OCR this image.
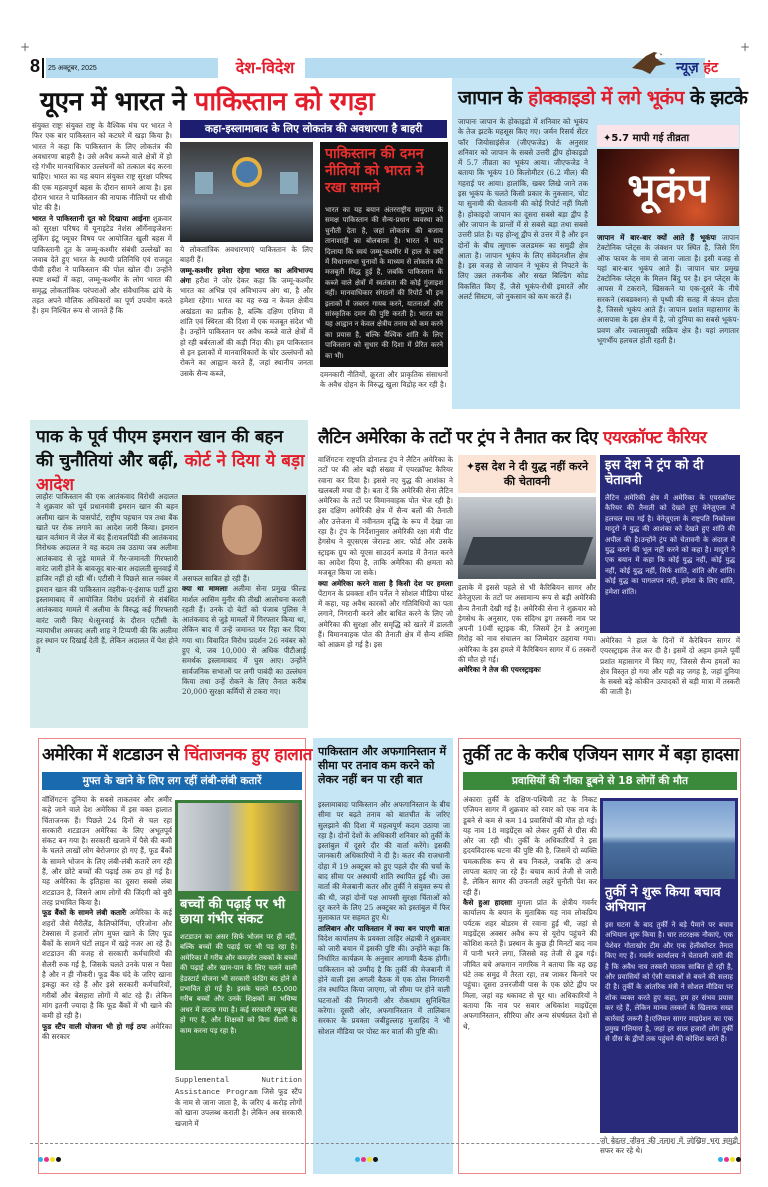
+	+
8 25 अक्टूबर, 2025	देश-विदेश	न्यूज़ हंट
यूएन में भारत ने पाकिस्तान को रगड़ा
कहा-इस्लामाबाद के लिए लोकतंत्र की अवधारणा है बाहरी
संयुक्त राष्ट्रः संयुक्त राष्ट्र के वैश्विक मंच पर भारत ने फिर एक बार पाकिस्तान को कटघरे में खड़ा किया है। भारत ने कहा कि पाकिस्तान के लिए लोकतंत्र की अवधारणा बाहरी है। उसे अवैध कब्जे वाले क्षेत्रों में हो रहे गंभीर मानवाधिकार उल्लंघनों को तत्काल बंद करना चाहिए। भारत का यह बयान संयुक्त राष्ट्र सुरक्षा परिषद की एक महत्वपूर्ण बहस के दौरान सामने आया है। इस दौरान भारत ने पाकिस्तान की नापाक नीतियों पर सीधी चोट की है।
भारत ने पाकिस्तानी दूत को दिखाया आईनाः शुक्रवार को सुरक्षा परिषद में यूनाइटेड नेशंस ऑर्गेनाइजेशनः लुकिंग इंटू फ्यूचर विषय पर आयोजित खुली बहस में पाकिस्तानी दूत के जम्मू-कश्मीर संबंधी उल्लेखों का जवाब देते हुए भारत के स्थायी प्रतिनिधि एवं राजदूत पीवी हरीश ने पाकिस्तान की पोल खोल दी। उन्होंने स्पष्ट शब्दों में कहा, जम्मू-कश्मीर के लोग भारत की समृद्ध लोकतांत्रिक परंपराओं और संवैधानिक ढांचे के तहत अपने मौलिक अधिकारों का पूर्ण उपयोग करते हैं। हम निश्चित रूप से जानते हैं कि
ये लोकतांत्रिक अवधारणाएं पाकिस्तान के लिए बाहरी हैं।
जम्मू-कश्मीर हमेशा रहेगा भारत का अविभाज्य अंगः हरीश ने जोर देकर कहा कि जम्मू-कश्मीर भारत का अभिन्न एवं अविभाज्य अंग था, है और हमेशा रहेगा। भारत का यह रुख न केवल क्षेत्रीय अखंडता का प्रतीक है, बल्कि दक्षिण एशिया में शांति एवं स्थिरता की दिशा में एक मजबूत संदेश भी है। उन्होंने पाकिस्तान पर अवैध कब्जे वाले क्षेत्रों में हो रही बर्बरताओं की कड़ी निंदा की। हम पाकिस्तान से इन इलाकों में मानवाधिकारों के घोर उल्लंघनों को रोकने का आह्वान करते हैं, जहां स्थानीय जनता उसके सैन्य कब्जे,
पाकिस्तान की दमन नीतियों को भारत ने रखा सामने
भारत का यह बयान अंतरराष्ट्रीय समुदाय के समक्ष पाकिस्तान की सैन्य-प्रधान व्यवस्था को चुनौती देता है, जहां लोकतंत्र की बजाय तानाशाही का बोलबाला है। भारत ने याद दिलाया कि स्वयं जम्मू-कश्मीर में हाल के वर्षों में विधानसभा चुनावों के माध्यम से लोकतंत्र की मजबूती सिद्ध हुई है, जबकि पाकिस्तान के कब्जे वाले क्षेत्रों में स्वतंत्रता की कोई गुंजाइश नहीं। मानवाधिकार संगठनों की रिपोर्ट भी इन इलाकों में जबरन गायब करने, यातनाओं और सांस्कृतिक दमन की पुष्टि करती है। भारत का यह आह्वान न केवल क्षेत्रीय तनाव को कम करने का प्रयास है, बल्कि वैश्विक शांति के लिए पाकिस्तान को सुधार की दिशा में प्रेरित करने का भी।
दमनकारी नीतियों, क्रूरता और प्राकृतिक संसाधनों के अवैध दोहन के विरुद्ध खुला विद्रोह कर रही है।
जापान के होक्काइडो में लगे भूकंप के झटके
जापानः जापान के होकाइडो में शनिवार को भूकंप के तेज झटके महसूस किए गए। जर्मन रिसर्च सेंटर फॉर जियोसाइंसेज (जीएफजेड) के अनुसार शनिवार को जापान के सबसे उत्तरी द्वीप होकाइडो में 5.7 तीव्रता का भूकंप आया। जीएफजेड ने बताया कि भूकंप 10 किलोमीटर (6.2 मील) की गहराई पर आया। हालांकि, खबर लिखे जाने तक इस भूकंप के चलते किसी प्रकार के नुकसान, चोट या सुनामी की चेतावनी की कोई रिपोर्ट नहीं मिली है। होकाइदो जापान का दूसरा सबसे बड़ा द्वीप है और जापान के प्रान्तों में से सबसे बड़ा तथा सबसे उत्तरी प्रांत है। यह होन्शू द्वीप से उत्तर में है और इन दोनों के बीच त्सुगारू जलडमरू का समुद्री क्षेत्र आता है। जापान भूकंप के लिए संवेदनशील क्षेत्र है। इस वजह से जापान ने भूकंप से निपटने के लिए उन्नत तकनीक और सख्त बिल्डिंग कोड विकसित किए हैं, जैसे भूकंप-रोधी इमारतें और अलर्ट सिस्टम, जो नुकसान को कम करते हैं।
✦5.7 मापी गई तीव्रता
भूकंप
जापान में बार-बार क्यों आते हैं भूकंपः जापान टेक्टोनिक प्लेट्स के जंक्शन पर स्थित है, जिसे रिंग ऑफ फायर के नाम से जाना जाता है। इसी वजह से यहां बार-बार भूकंप आते हैं। जापान चार प्रमुख टेक्टोनिक प्लेट्स के मिलन बिंदु पर है। इन प्लेट्स के आपस में टकराने, खिसकने या एक-दूसरे के नीचे सरकने (सबडक्शन) से पृथ्वी की सतह में कंपन होता है, जिससे भूकंप आते हैं। जापान प्रशांत महासागर के आसपास के इस क्षेत्र में है, जो दुनिया का सबसे भूकंप-प्रवण और ज्वालामुखी सक्रिय क्षेत्र है। यहां लगातार भूगर्भीय हलचल होती रहती है।
पाक के पूर्व पीएम इमरान खान की बहन की चुनौतियां और बढ़ीं, कोर्ट ने दिया ये बड़ा आदेश
लाहौरः पाकिस्तान की एक आतंकवाद विरोधी अदालत ने शुक्रवार को पूर्व प्रधानमंत्री इमरान खान की बहन अलीमा खान के पासपोर्ट, राष्ट्रीय पहचान पत्र तथा बैंक खाते पर रोक लगाने का आदेश जारी किया। इमरान खान वर्तमान में जेल में बंद हैं।रावलपिंडी की आतंकवाद निरोधक अदालत ने यह कदम तब उठाया जब अलीमा आतंकवाद से जुड़े मामले में गैर-जमानती गिरफ्तारी वारंट जारी होने के बावजूद बार-बार अदालती सुनवाई में हाजिर नहीं हो रही थीं। एटीसी ने पिछले साल नवंबर में इमरान खान की पाकिस्तान तहरीक-ए-इंसाफ पार्टी द्वारा इस्लामाबाद में आयोजित विरोध प्रदर्शनों से संबंधित आतंकवाद मामले में अलीमा के विरुद्ध कई गिरफ्तारी वारंट जारी किए थे।सुनवाई के दौरान एटीसी के न्यायाधीश अमजद अली शाह ने टिप्पणी की कि अलीमा हर स्थान पर दिखाई देती हैं, लेकिन अदालत में पेश होने में
असफल साबित हो रही हैं।
क्या था मामलाः अलीमा सेना प्रमुख फील्ड मार्शल आसिम मुनीर की तीखी आलोचना करती रहती हैं। उनके दो बेटों को पंजाब पुलिस ने आतंकवाद से जुड़े मामलों में गिरफ्तार किया था, लेकिन बाद में उन्हें जमानत पर रिहा कर दिया गया था। विवादित विरोध प्रदर्शन 26 नवंबर को हुए थे, जब 10,000 से अधिक पीटीआई समर्थक इस्लामाबाद में घुस आए। उन्होंने सार्वजनिक सभाओं पर लगी पाबंदी का उल्लंघन किया तथा उन्हें रोकने के लिए तैनात करीब 20,000 सुरक्षा कर्मियों से टकरा गए।
लैटिन अमेरिका के तटों पर ट्रंप ने तैनात कर दिए एयरक्रॉफ्ट कैरियर
वाशिंगटनः राष्ट्रपति डोनाल्ड ट्रंप ने लैटिन अमेरिका के तटों पर की ओर बड़ी संख्या में एयरक्रॉफ्ट कैरियर रवाना कर दिया है। इससे नए युद्ध की आशंका ने खलबली मचा दी है। बता दें कि अमेरिकी सेना लैटिन अमेरिका के तटों पर विमानवाहक पोत भेज रही है। इस दक्षिण अमेरिकी क्षेत्र में सैन्य बलों की तैनाती और उत्तेजना में नवीनतम वृद्धि के रूप में देखा जा रहा है। ट्रंप के निर्देशानुसार अमेरिकी रक्षा मंत्री पीट हेगसेथ ने यूएसएस जेराल्ड आर. फोर्ड और उसके स्ट्राइक ग्रुप को यूएस साउदर्न कमांड में तैनात करने का आदेश दिया है, ताकि अमेरिका की क्षमता को मजबूत किया जा सके।
क्या अमेरिका करने वाला है किसी देश पर हमलाः पेंटागन के प्रवक्ता शॉन पर्नेल ने सोशल मीडिया पोस्ट में कहा, यह अवैध कारकों और गतिविधियों का पता लगाने, निगरानी करने और बाधित करने के लिए जो अमेरिका की सुरक्षा और समृद्धि को खतरे में डालती हैं। विमानवाहक पोत की तैनाती क्षेत्र में सैन्य शक्ति को आक्रम हो गई है। इस
✦इस देश ने दी युद्ध नहीं करने की चेतावनी
इलाके में इससे पहले से भी कैरिबियन सागर और वेनेज़ुएला के तटों पर असामान्य रूप से बड़ी अमेरिकी सैन्य तैनाती देखी गई है। अमेरिकी सेना ने शुक्रवार को हेगसेथ के अनुसार, एक संदिग्ध ड्रग तस्करी नाव पर अपनी 10वीं स्ट्राइक की, जिसमें ट्रेन डे अरागुआ गिरोह को नाव संचालन का जिम्मेदार ठहराया गया। अमेरिका के इस हमले में कैरिबियन सागर में 6 तस्करों की मौत हो गई।
अमेरिका ने तेज की एयरस्ट्राइकः
इस देश ने ट्रंप को दी चेतावनी
लैटिन अमेरिकी क्षेत्र में अमेरिका के एयरक्रॉफ्ट कैरियर की तैनाती को देखते हुए वेनेज़ुएला में हलचल मच गई है। वेनेज़ुएला के राष्ट्रपति निकोलस मादुरो ने युद्ध की आशंका को देखते हुए शांति की अपील की है।उन्होंने ट्रंप को चेतावनी के अंदाज में युद्ध करने की भूल नहीं करने को कहा है। मादुरो ने एक बयान में कहा कि कोई युद्ध नहीं, कोई युद्ध नहीं, कोई युद्ध नहीं, सिर्फ शांति, शांति और शांति। कोई युद्ध का पागलपन नहीं, हमेशा के लिए शांति, हमेशा शांति।
अमेरिका ने हाल के दिनों में कैरेबियन सागर में एयरस्ट्राइक तेज कर दी है। इसमें दो अहम हमले पूर्वी प्रशांत महासागर में किए गए, जिससे सैन्य हमलों का क्षेत्र विस्तृत हो गया और यही वह जगह है, जहां दुनिया के सबसे बड़े कोकीन उत्पादकों से बड़ी मात्रा में तस्करी की जाती है।
अमेरिका में शटडाउन से चिंताजनक हुए हालात
मुफ्त के खाने के लिए लग रहीं लंबी-लंबी कतारें
वॉशिंगटनः दुनिया के सबसे ताकतवर और अमीर कहे जाने वाले देश अमेरिका में इस वक्त हालात चिंताजनक हैं। पिछले 24 दिनों से चल रहा सरकारी शटडाउन अमेरिका के लिए अभूतपूर्व संकट बन गया है। सरकारी खजाने में पैसे की कमी के चलते लाखों लोग बेरोजगार हो गए हैं, फूड बैंकों के सामने भोजन के लिए लंबी-लंबी कतारें लग रही हैं, और छोटे बच्चों की पढ़ाई तक ठप हो गई है। यह अमेरिका के इतिहास का दूसरा सबसे लंबा शटडाउन है, जिसने आम लोगों की जिंदगी को बुरी तरह प्रभावित किया है।
फूड बैंकों के सामने लंबी कतारेंः अमेरिका के कई शहरों जैसे मैरीलैंड, कैलिफोर्निया, एरिजोना और टेक्सास में हजारों लोग मुफ्त खाने के लिए फूड बैंकों के सामने घंटों लाइन में खड़े नजर आ रहे हैं। शटडाउन की वजह से सरकारी कर्मचारियों की सैलरी रुक गई है, जिसके चलते उनके पास न पैसा है और न ही नौकरी। फूड बैंक चंदे के जरिए खाना इकट्ठा कर रहे हैं और इसे सरकारी कर्मचारियों, गरीबों और बेसहारा लोगों में बांट रहे हैं। लेकिन मांग इतनी ज्यादा है कि फूड बैंकों में भी खाने की कमी हो रही है।
फूड स्टैंप वाली योजना भी हो गई ठपः अमेरिका की सरकार
बच्चों की पढ़ाई पर भी छाया गंभीर संकट
शटडाउन का असर सिर्फ भोजन पर ही नहीं, बल्कि बच्चों की पढ़ाई पर भी पड़ रहा है। अमेरिका में गरीब और कमज़ोर तबकों के बच्चों की पढ़ाई और खान-पान के लिए चलने वाली हेडस्टार्ट योजना भी सरकारी फंडिंग बंद होने से प्रभावित हो गई है। इसके चलते 65,000 गरीब बच्चों और उनके शिक्षकों का भविष्य अधर में लटक गया है। कई सरकारी स्कूल बंद हो गए हैं, और शिक्षकों को बिना सैलरी के काम करना पड़ रहा है।
Supplemental Nutrition Assistance Program जिसे फूड स्टैंप के नाम से जाना जाता है, के जरिए 4 करोड़ लोगों को खाना उपलब्ध कराती है। लेकिन अब सरकारी खजाने में
पाकिस्तान और अफगानिस्तान में सीमा पर तनाव कम करने को लेकर नहीं बन पा रही बात
इस्लामाबादः पाकिस्तान और अफगानिस्तान के बीच सीमा पर बढ़ते तनाव को बातचीत के जरिए सुलझाने की दिशा में महत्वपूर्ण कदम उठाया जा रहा है। दोनों देशों के अधिकारी शनिवार को तुर्की के इस्तांबुल में दूसरे दौर की वार्ता करेंगे। इसकी जानकारी अधिकारियों ने दी है। कतर की राजधानी दोहा में 19 अक्टूबर को हुए पहले दौर की चर्चा के बाद सीमा पर अस्थायी शांति स्थापित हुई थी। उस वार्ता की मेजबानी कतर और तुर्की ने संयुक्त रूप से की थी, जहां दोनों पक्ष आपसी सुरक्षा चिंताओं को दूर करने के लिए 25 अक्टूबर को इस्तांबुल में फिर मुलाकात पर सहमत हुए थे।
तालिबान और पाकिस्तान में क्या बन पाएगी बातः विदेश कार्यालय के प्रवक्ता ताहिर अंद्राबी ने शुक्रवार को जारी बयान में इसकी पुष्टि की। उन्होंने कहा कि निर्धारित कार्यक्रम के अनुसार आगामी बैठक होगी। पाकिस्तान को उम्मीद है कि तुर्की की मेजबानी में होने वाली इस अगली बैठक में एक ठोस निगरानी तंत्र स्थापित किया जाएगा, जो सीमा पर होने वाली घटनाओं की निगरानी और रोकथाम सुनिश्चित करेगा। दूसरी ओर, अफगानिस्तान में तालिबान सरकार के प्रवक्ता जबीहुल्लाह मुजाहिद ने भी सोशल मीडिया पर पोस्ट कर वार्ता की पुष्टि की।
तुर्की तट के करीब एजियन सागर में बड़ा हादसा
प्रवासियों की नौका डूबने से 18 लोगों की मौत
अंकाराः तुर्की के दक्षिण-पश्चिमी तट के निकट एजियन सागर में शुक्रवार को रवार को एक नाव के डूबने से कम से कम 14 प्रवासियों की मौत हो गई। यह नाव 18 माइग्रेंट्स को लेकर तुर्की से ग्रीस की ओर जा रही थी। तुर्की के अधिकारियों ने इस हृदयविदारक घटना की पुष्टि की है, जिसमें दो व्यक्ति चमत्कारिक रूप से बच निकले, जबकि दो अन्य लापता बताए जा रहे हैं। बचाव कार्य तेजी से जारी है, लेकिन सागर की उफनती लहरें चुनौती पेश कर रही हैं।
कैसे हुआ हादसाः मुगला प्रांत के क्षेत्रीय गवर्नर कार्यालय के बयान के मुताबिक यह नाव लोकप्रिय पर्यटक शहर बोडरम से रवाना हुई थी, जहां से माइग्रेंट्स अक्सर अवैध रूप से यूरोप पहुंचने की कोशिश करते हैं। प्रस्थान के कुछ ही मिनटों बाद नाव में पानी भरने लगा, जिससे वह तेजी से डूब गई। जीवित बचे अफगान नागरिक ने बताया कि वह छह घंटे तक समुद्र में तैरता रहा, तब जाकर किनारे पर पहुंचा। दूसरा उत्तरजीवी पास के एक छोटे द्वीप पर मिला, जहां वह थकावट से चूर था। अधिकारियों ने बताया कि नाव पर सवार अधिकांश माइग्रेंट्स अफगानिस्तान, सीरिया और अन्य संघर्षग्रस्त देशों से थे,
तुर्की ने शुरू किया बचाव अभियान
इस घटना के बाद तुर्की ने बड़े पैमाने पर बचाव अभियान शुरू किया है। चार तटरक्षक नौकाएं, एक पेशेवर गोताखोर टीम और एक हेलीकॉप्टर तैनात किए गए हैं। गवर्नर कार्यालय ने चेतावनी जारी की है कि अवैध नाव तस्करी घातक साबित हो रही है, और प्रवासियों को ऐसी यात्राओं से बचने की सलाह दी है। तुर्की के आंतरिक मंत्री ने सोशल मीडिया पर शोक व्यक्त करते हुए कहा, हम हर संभव प्रयास कर रहे हैं, लेकिन मानव तस्करों के खिलाफ सख्त कार्रवाई जरूरी है।एजियन सागर माइग्रेशन का एक प्रमुख गलियारा है, जहां हर साल हजारों लोग तुर्की से ग्रीस के द्वीपों तक पहुंचने की कोशिश करते हैं।
जो बेहतर जीवन की तलाश में जोखिम भरा समुद्री सफर कर रहे थे।
